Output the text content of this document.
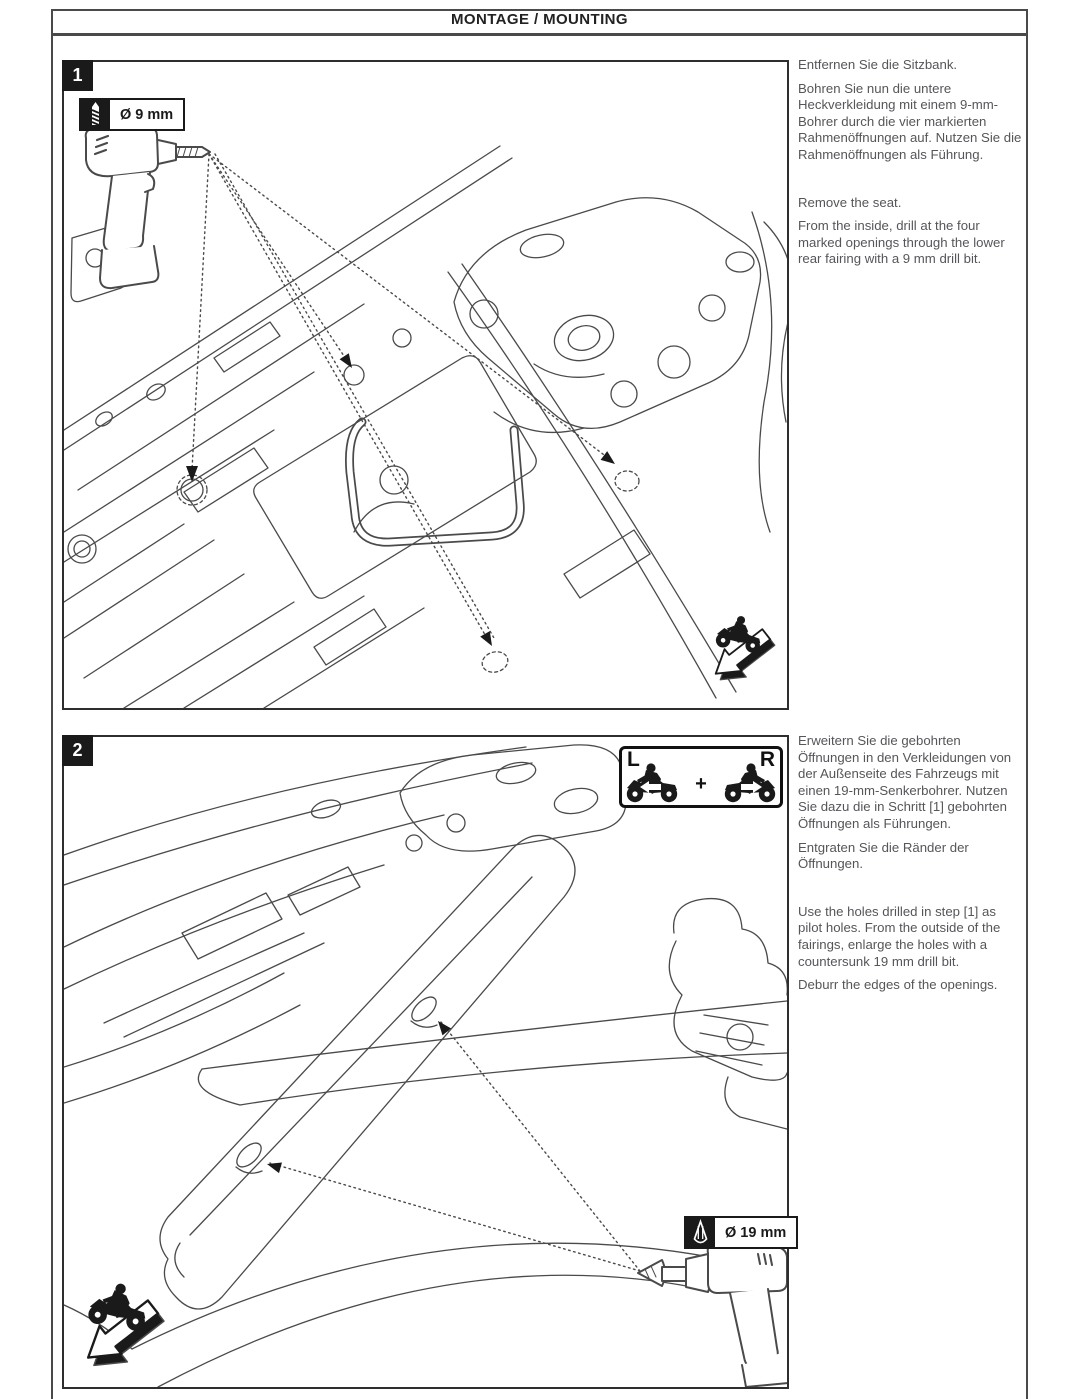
MONTAGE / MOUNTING
1
Ø 9 mm
2	L	R
+
Ø 19 mm

Entfernen Sie die Sitzbank.

Bohren Sie nun die untere Heckverkleidung mit einem 9-mm-Bohrer durch die vier markierten Rahmenöffnungen auf. Nutzen Sie die Rahmenöffnungen als Führung.

Remove the seat.

From the inside, drill at the four marked openings through the lower rear fairing with a 9 mm drill bit.

Erweitern Sie die gebohrten Öffnungen in den Verkleidungen von der Außenseite des Fahrzeugs mit einen 19-mm-Senkerbohrer. Nutzen Sie dazu die in Schritt [1] gebohrten Öffnungen als Führungen.

Entgraten Sie die Ränder der Öffnungen.

Use the holes drilled in step [1] as pilot holes. From the outside of the fairings, enlarge the holes with a countersunk 19 mm drill bit.

Deburr the edges of the openings.
